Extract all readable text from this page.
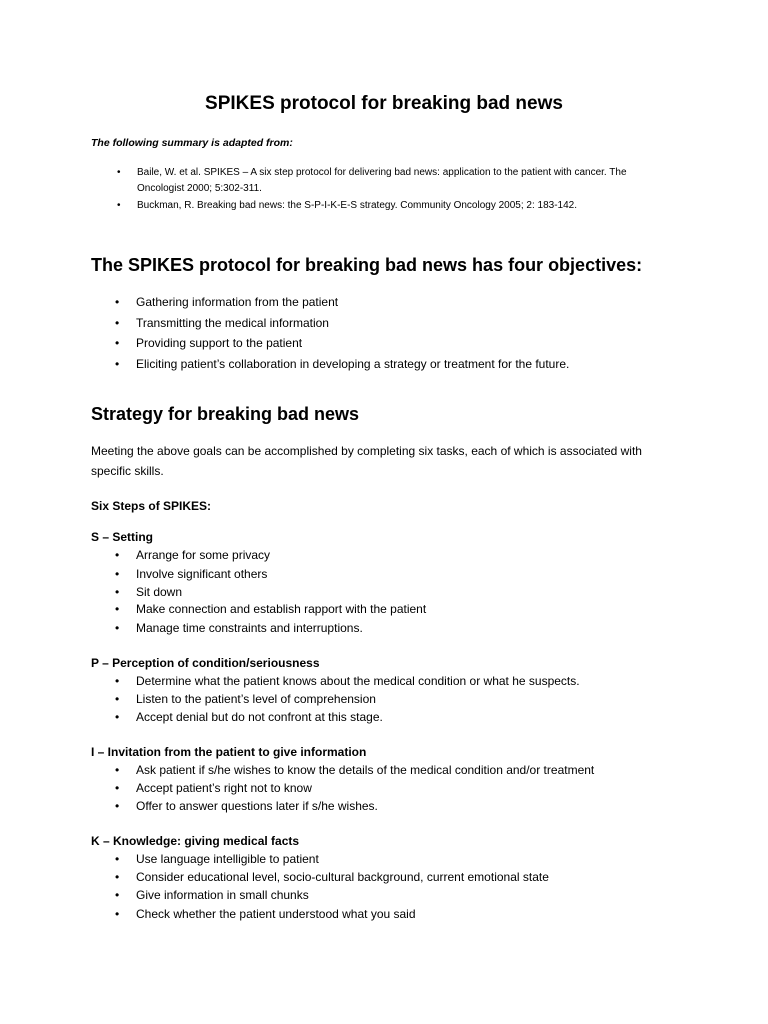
SPIKES protocol for breaking bad news
The following summary is adapted from:
• Baile, W. et al. SPIKES – A six step protocol for delivering bad news: application to the patient with cancer. The Oncologist 2000; 5:302-311.
• Buckman, R. Breaking bad news: the S-P-I-K-E-S strategy. Community Oncology 2005; 2: 183-142.
The SPIKES protocol for breaking bad news has four objectives:
• Gathering information from the patient
• Transmitting the medical information
• Providing support to the patient
• Eliciting patient’s collaboration in developing a strategy or treatment for the future.
Strategy for breaking bad news
Meeting the above goals can be accomplished by completing six tasks, each of which is associated with specific skills.
Six Steps of SPIKES:
S – Setting
• Arrange for some privacy
• Involve significant others
• Sit down
• Make connection and establish rapport with the patient
• Manage time constraints and interruptions.
P – Perception of condition/seriousness
• Determine what the patient knows about the medical condition or what he suspects.
• Listen to the patient’s level of comprehension
• Accept denial but do not confront at this stage.
I – Invitation from the patient to give information
• Ask patient if s/he wishes to know the details of the medical condition and/or treatment
• Accept patient’s right not to know
• Offer to answer questions later if s/he wishes.
K – Knowledge: giving medical facts
• Use language intelligible to patient
• Consider educational level, socio-cultural background, current emotional state
• Give information in small chunks
• Check whether the patient understood what you said
